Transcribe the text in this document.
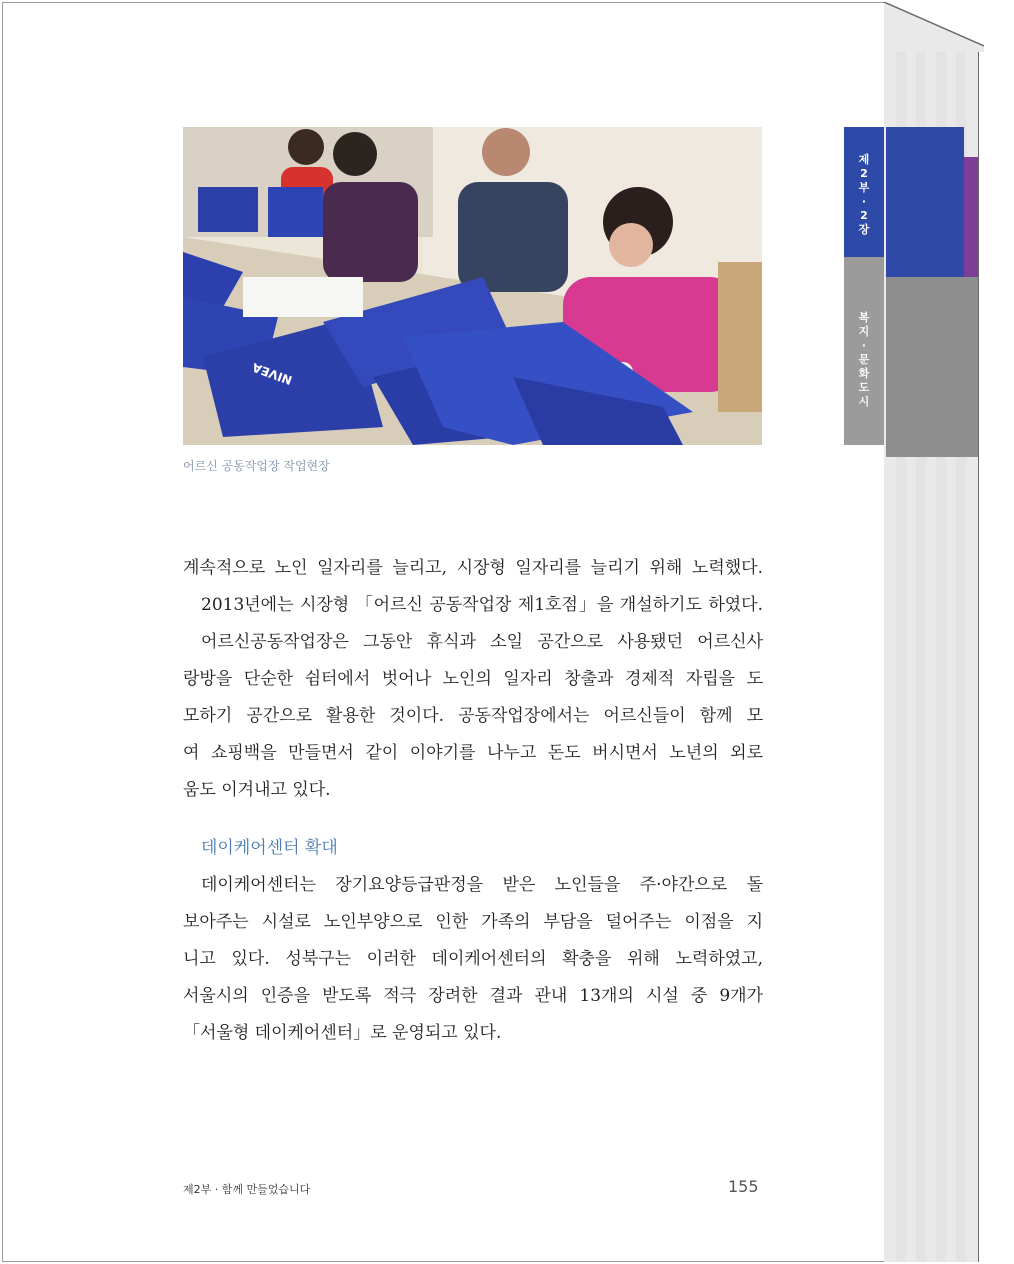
제
2
부
·
2
장
복
지
·
문
화
도
시
NIVEA
어르신 공동작업장 작업현장

계속적으로 노인 일자리를 늘리고, 시장형 일자리를 늘리기 위해 노력했다.

2013년에는 시장형 「어르신 공동작업장 제1호점」을 개설하기도 하였다.

어르신공동작업장은 그동안 휴식과 소일 공간으로 사용됐던 어르신사

랑방을 단순한 쉼터에서 벗어나 노인의 일자리 창출과 경제적 자립을 도

모하기 공간으로 활용한 것이다. 공동작업장에서는 어르신들이 함께 모

여 쇼핑백을 만들면서 같이 이야기를 나누고 돈도 버시면서 노년의 외로

움도 이겨내고 있다.

데이케어센터 확대

데이케어센터는 장기요양등급판정을 받은 노인들을 주·야간으로 돌

보아주는 시설로 노인부양으로 인한 가족의 부담을 덜어주는 이점을 지

니고 있다. 성북구는 이러한 데이케어센터의 확충을 위해 노력하였고,

서울시의 인증을 받도록 적극 장려한 결과 관내 13개의 시설 중 9개가

「서울형 데이케어센터」로 운영되고 있다.

제2부 · 함께 만들었습니다	155
